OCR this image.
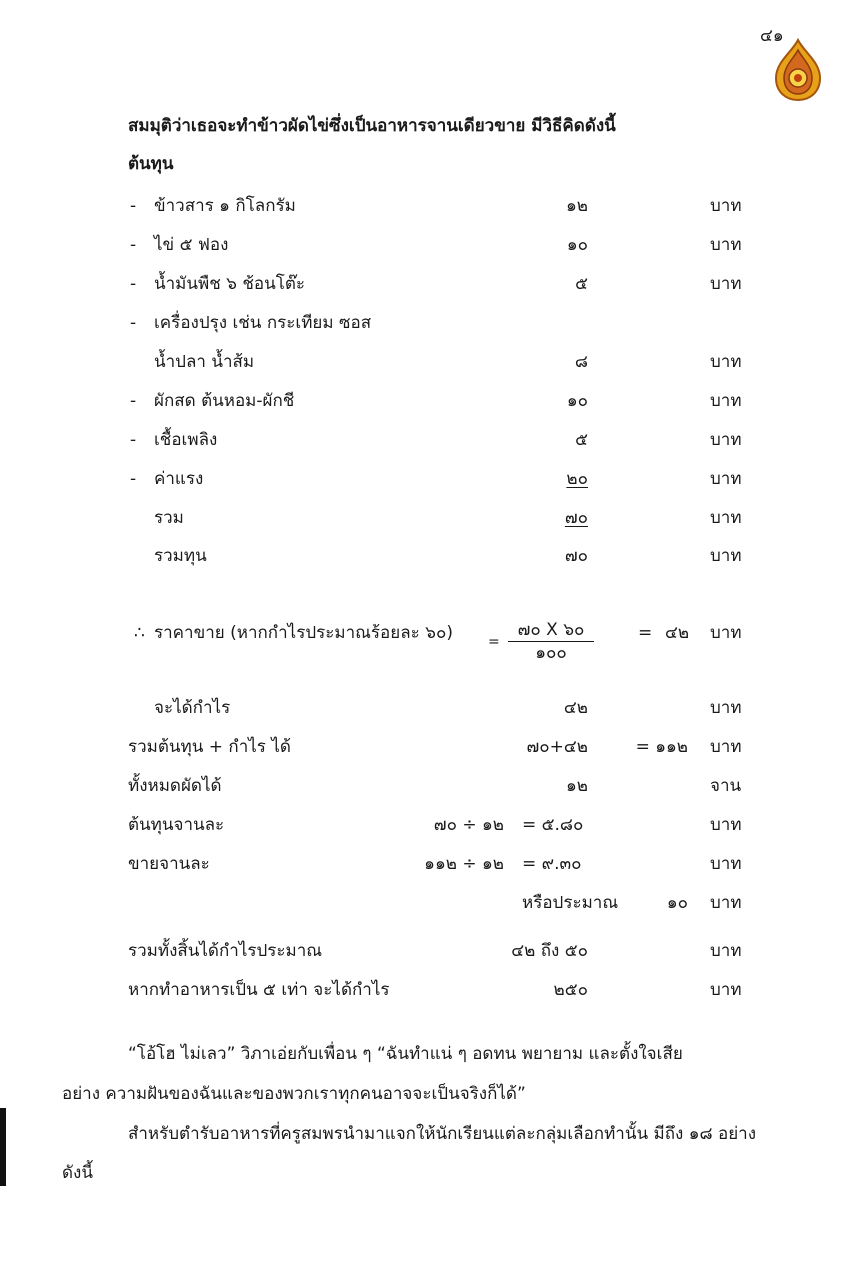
๔๑
สมมุติว่าเธอจะทำข้าวผัดไข่ซึ่งเป็นอาหารจานเดียวขาย มีวิธีคิดดังนี้
ต้นทุน
- ข้าวสาร ๑ กิโลกรัม	๑๒	บาท
- ไข่ ๕ ฟอง	๑๐	บาท
- น้ำมันพืช ๖ ช้อนโต๊ะ	๕	บาท
- เครื่องปรุง เช่น กระเทียม ซอส
น้ำปลา น้ำส้ม	๘	บาท
- ผักสด ต้นหอม-ผักชี	๑๐	บาท
- เชื้อเพลิง	๕	บาท
- ค่าแรง	๒๐	บาท
รวม	๗๐	บาท
รวมทุน	๗๐	บาท
∴ ราคาขาย (หากกำไรประมาณร้อยละ ๖๐)	=
๗๐ X ๖๐
๑๐๐
= ๔๒ บาท
จะได้กำไร	๔๒	บาท
รวมต้นทุน + กำไร ได้	๗๐+๔๒	= ๑๑๒ บาท
ทั้งหมดผัดได้	๑๒	จาน
ต้นทุนจานละ	๗๐ ÷ ๑๒ = ๕.๘๐	บาท
ขายจานละ	๑๑๒ ÷ ๑๒ = ๙.๓๐	บาท
หรือประมาณ	๑๐ บาท
รวมทั้งสิ้นได้กำไรประมาณ	๔๒ ถึง ๕๐	บาท
หากทำอาหารเป็น ๕ เท่า จะได้กำไร	๒๕๐	บาท
“โอ้โฮ ไม่เลว” วิภาเอ่ยกับเพื่อน ๆ “ฉันทำแน่ ๆ อดทน พยายาม และตั้งใจเสีย
อย่าง ความฝันของฉันและของพวกเราทุกคนอาจจะเป็นจริงก็ได้”
สำหรับตำรับอาหารที่ครูสมพรนำมาแจกให้นักเรียนแต่ละกลุ่มเลือกทำนั้น มีถึง ๑๘ อย่าง
ดังนี้
